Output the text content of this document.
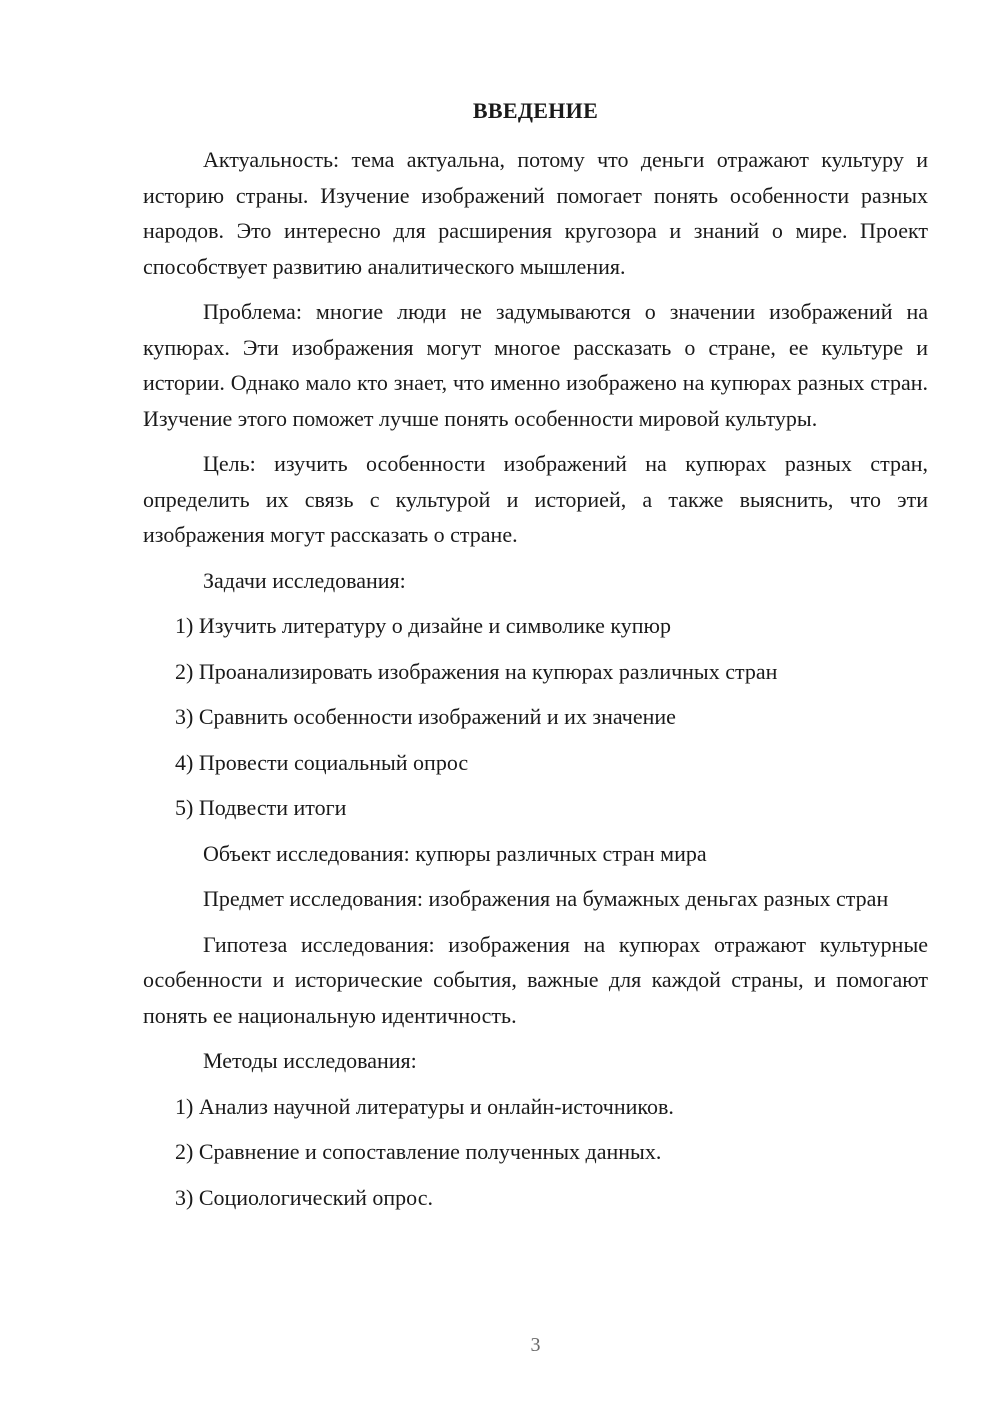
ВВЕДЕНИЕ

Актуальность: тема актуальна, потому что деньги отражают культуру и историю страны. Изучение изображений помогает понять особенности разных народов. Это интересно для расширения кругозора и знаний о мире. Проект способствует развитию аналитического мышления.

Проблема: многие люди не задумываются о значении изображений на купюрах. Эти изображения могут многое рассказать о стране, ее культуре и истории. Однако мало кто знает, что именно изображено на купюрах разных стран. Изучение этого поможет лучше понять особенности мировой культуры.

Цель: изучить особенности изображений на купюрах разных стран, определить их связь с культурой и историей, а также выяснить, что эти изображения могут рассказать о стране.

Задачи исследования:

1) Изучить литературу о дизайне и символике купюр

2) Проанализировать изображения на купюрах различных стран

3) Сравнить особенности изображений и их значение

4) Провести социальный опрос

5) Подвести итоги

Объект исследования: купюры различных стран мира

Предмет исследования: изображения на бумажных деньгах разных стран

Гипотеза исследования: изображения на купюрах отражают культурные особенности и исторические события, важные для каждой страны, и помогают понять ее национальную идентичность.

Методы исследования:

1) Анализ научной литературы и онлайн-источников.

2) Сравнение и сопоставление полученных данных.

3) Социологический опрос.

3
